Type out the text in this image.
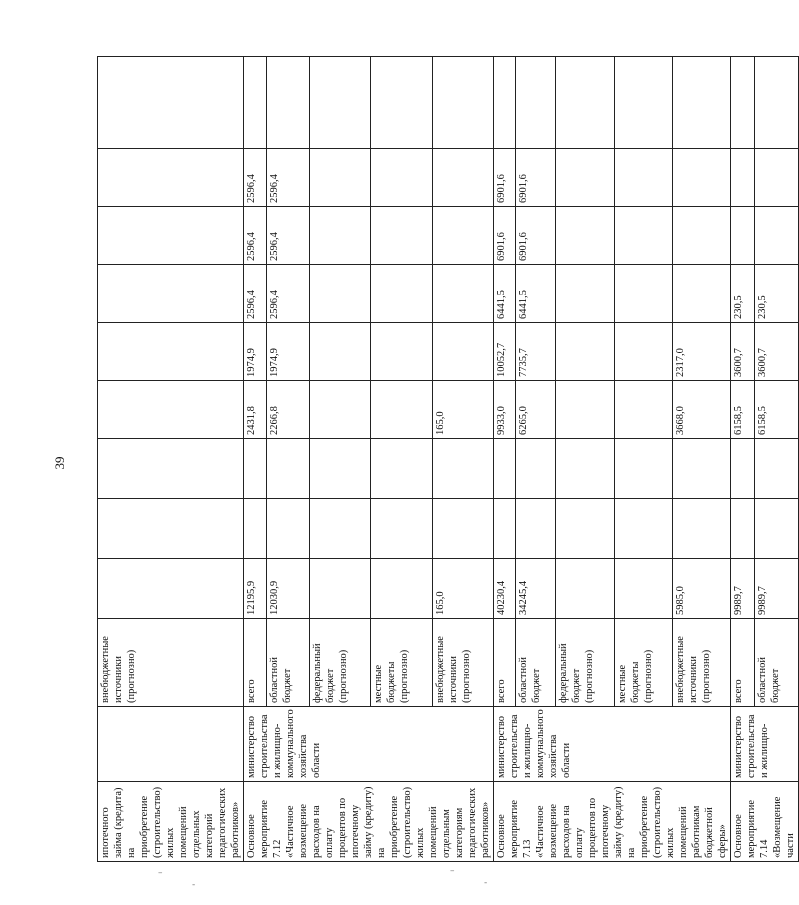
39
ипотечного займа (кредита) на приобретение (строительство) жилых помещений отдельных категорий педагогических работников»		внебюджетные источники (прогнозно)									
Основное мероприятие 7.12 «Частичное возмещение расходов на оплату процентов по ипотечному займу (кредиту) на приобретение (строительство) жилых помещений отдельным категориям педагогических работников»	министерство строительства и жилищно-коммунального хозяйства области	всего	12195,9			2431,8	1974,9	2596,4	2596,4	2596,4	
		областной бюджет	12030,9			2266,8	1974,9	2596,4	2596,4	2596,4	
		федеральный бюджет (прогнозно)									
		местные бюджеты (прогнозно)									
		внебюджетные источники (прогнозно)	165,0			165,0					
Основное мероприятие 7.13 «Частичное возмещение расходов на оплату процентов по ипотечному займу (кредиту) на приобретение (строительство) жилых помещений работникам бюджетной сферы»	министерство строительства и жилищно-коммунального хозяйства области	всего	40230,4			9933,0	10052,7	6441,5	6901,6	6901,6	
		областной бюджет	34245,4			6265,0	7735,7	6441,5	6901,6	6901,6	
		федеральный бюджет (прогнозно)									
		местные бюджеты (прогнозно)									
		внебюджетные источники (прогнозно)	5985,0			3668,0	2317,0				
Основное мероприятие 7.14 «Возмещение части	министерство строительства и жилищно-	всего	9989,7			6158,5	3600,7	230,5			
		областной бюджет	9989,7			6158,5	3600,7	230,5			
–
-
–
-
